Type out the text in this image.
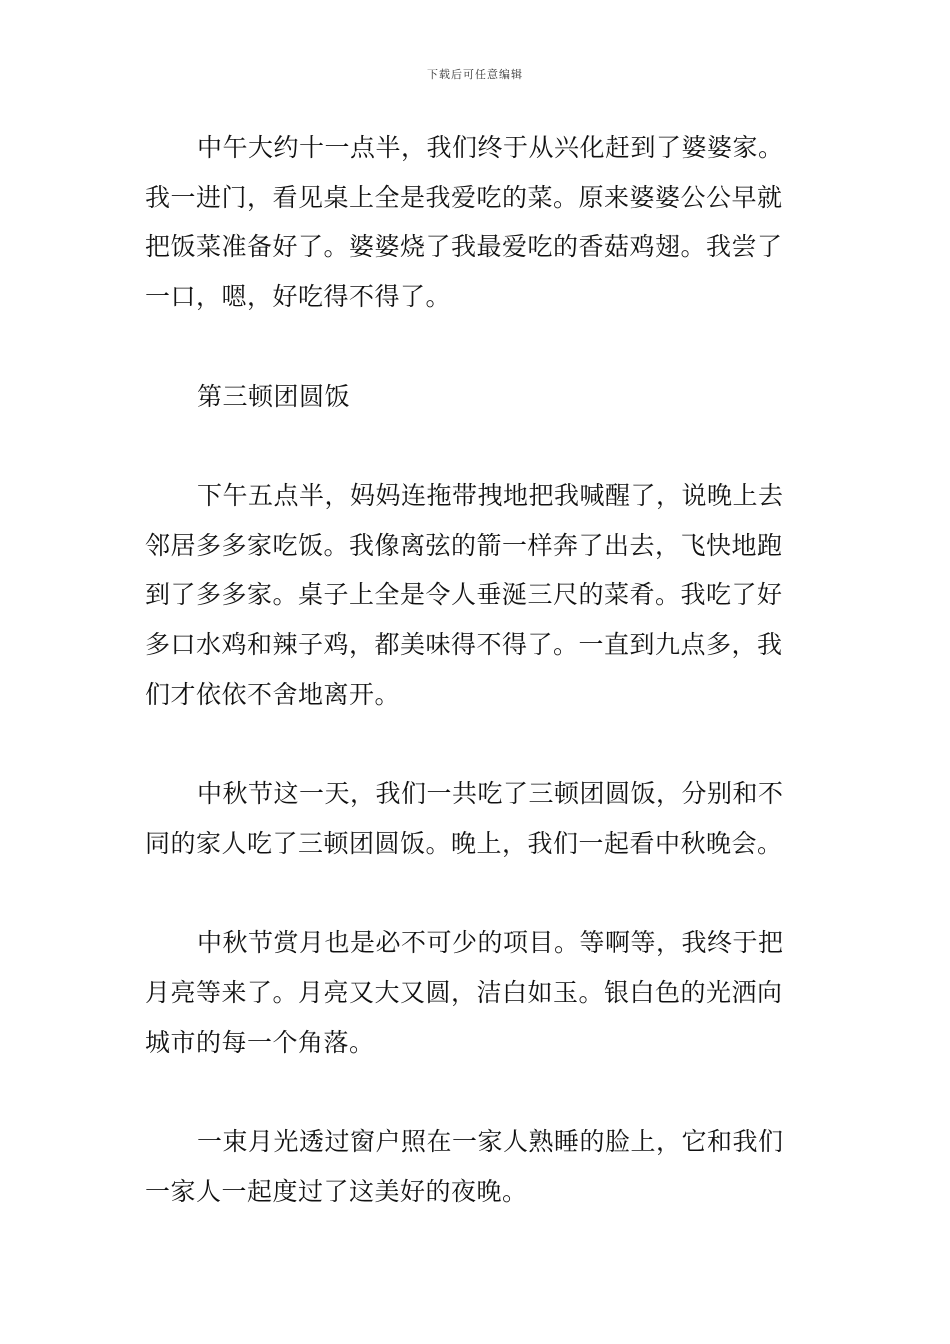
下载后可任意编辑
中午大约十一点半，我们终于从兴化赶到了婆婆家。
我一进门，看见桌上全是我爱吃的菜。原来婆婆公公早就
把饭菜准备好了。婆婆烧了我最爱吃的香菇鸡翅。我尝了
一口，嗯，好吃得不得了。
第三顿团圆饭
下午五点半，妈妈连拖带拽地把我喊醒了，说晚上去
邻居多多家吃饭。我像离弦的箭一样奔了出去，飞快地跑
到了多多家。桌子上全是令人垂涎三尺的菜肴。我吃了好
多口水鸡和辣子鸡，都美味得不得了。一直到九点多，我
们才依依不舍地离开。
中秋节这一天，我们一共吃了三顿团圆饭，分别和不
同的家人吃了三顿团圆饭。晚上，我们一起看中秋晚会。
中秋节赏月也是必不可少的项目。等啊等，我终于把
月亮等来了。月亮又大又圆，洁白如玉。银白色的光洒向
城市的每一个角落。
一束月光透过窗户照在一家人熟睡的脸上，它和我们
一家人一起度过了这美好的夜晚。
